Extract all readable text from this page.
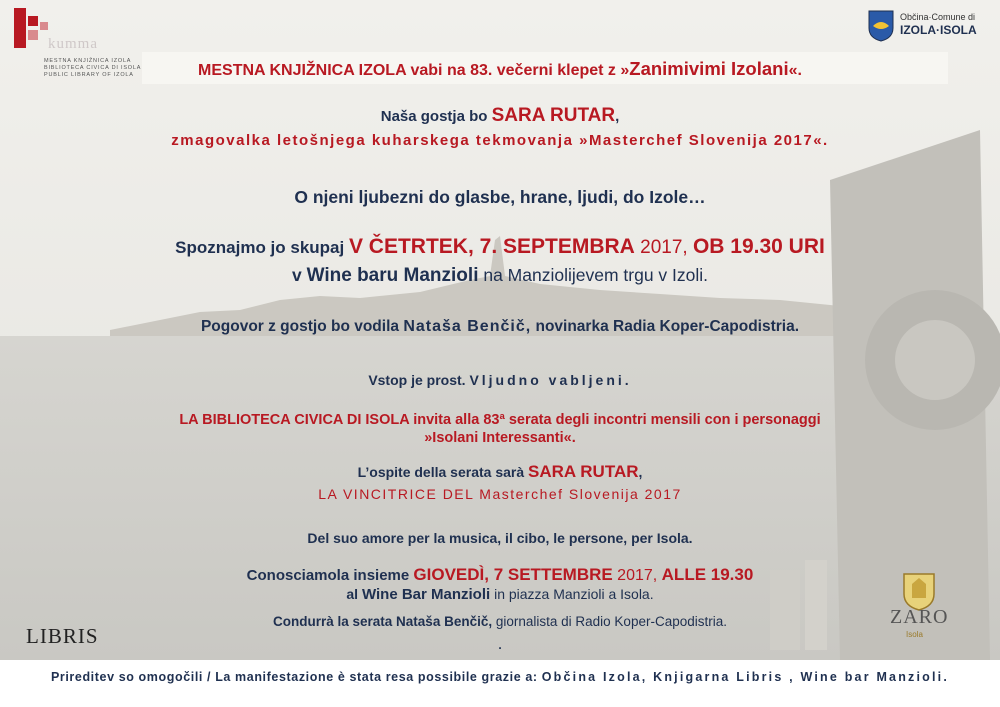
kumma
MESTNA KNJIŽNICA IZOLA
BIBLIOTECA CIVICA DI ISOLA
PUBLIC LIBRARY OF IZOLA
Občina·Comune di
IZOLA·ISOLA
MESTNA KNJIŽNICA IZOLA vabi na 83. večerni klepet z »Zanimivimi Izolani«.
Naša gostja bo SARA RUTAR,
zmagovalka letošnjega kuharskega tekmovanja »Masterchef Slovenija 2017«.
O njeni ljubezni do glasbe, hrane, ljudi, do Izole…
Spoznajmo jo skupaj V ČETRTEK, 7. SEPTEMBRA 2017, OB 19.30 URI
v Wine baru Manzioli na Manziolijevem trgu v Izoli.
Pogovor z gostjo bo vodila Nataša Benčič, novinarka Radia Koper-Capodistria.
Vstop je prost. Vljudno vabljeni.
LA BIBLIOTECA CIVICA DI ISOLA invita alla 83ª serata degli incontri mensili con i personaggi
»Isolani Interessanti«.
L’ospite della serata sarà SARA RUTAR,
LA VINCITRICE DEL Masterchef Slovenija 2017
Del suo amore per la musica, il cibo, le persone, per Isola.
Conosciamola insieme GIOVEDÌ, 7 SETTEMBRE 2017, ALLE 19.30
al Wine Bar Manzioli in piazza Manzioli a Isola.
Condurrà la serata Nataša Benčič, giornalista di Radio Koper-Capodistria.
.
LIBRIS
ZARO
Isola
Prireditev so omogočili / La manifestazione è stata resa possibile grazie a: Občina Izola, Knjigarna Libris , Wine bar Manzioli.
